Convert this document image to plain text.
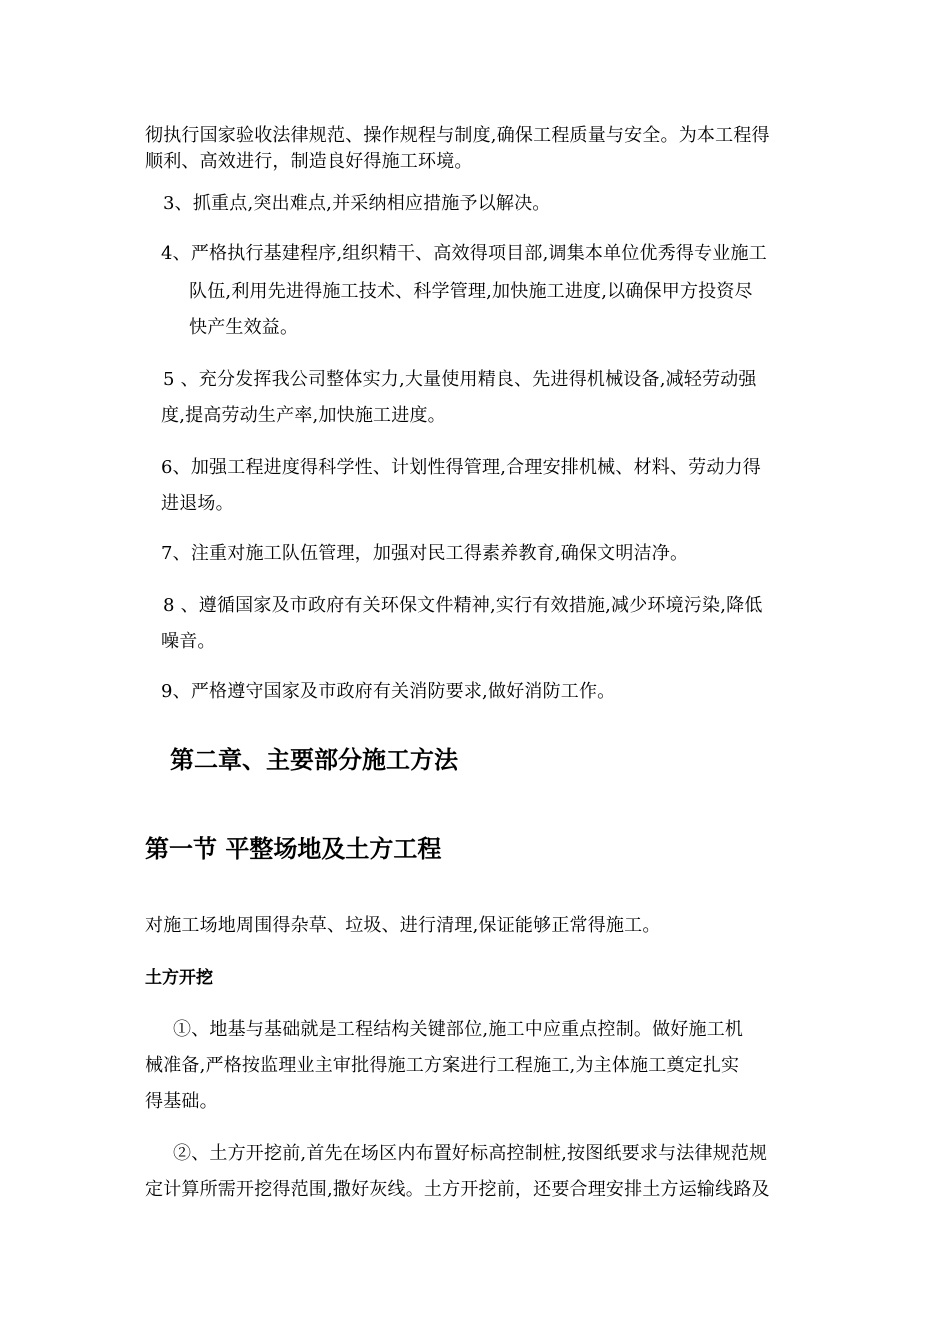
彻执行国家验收法律规范、操作规程与制度,确保工程质量与安全。为本工程得
顺利、高效进行，制造良好得施工环境。
3、抓重点,突出难点,并采纳相应措施予以解决。
4、严格执行基建程序,组织精干、高效得项目部,调集本单位优秀得专业施工
队伍,利用先进得施工技术、科学管理,加快施工进度,以确保甲方投资尽
快产生效益。
5 、充分发挥我公司整体实力,大量使用精良、先进得机械设备,减轻劳动强
度,提高劳动生产率,加快施工进度。
6、加强工程进度得科学性、计划性得管理,合理安排机械、材料、劳动力得
进退场。
7、注重对施工队伍管理，加强对民工得素养教育,确保文明洁净。
8 、遵循国家及市政府有关环保文件精神,实行有效措施,减少环境污染,降低
噪音。
9、严格遵守国家及市政府有关消防要求,做好消防工作。
第二章、主要部分施工方法
第一节 平整场地及土方工程
对施工场地周围得杂草、垃圾、进行清理,保证能够正常得施工。
土方开挖
①、地基与基础就是工程结构关键部位,施工中应重点控制。做好施工机
械准备,严格按监理业主审批得施工方案进行工程施工,为主体施工奠定扎实
得基础。
②、土方开挖前,首先在场区内布置好标高控制桩,按图纸要求与法律规范规
定计算所需开挖得范围,撒好灰线。土方开挖前，还要合理安排土方运输线路及
